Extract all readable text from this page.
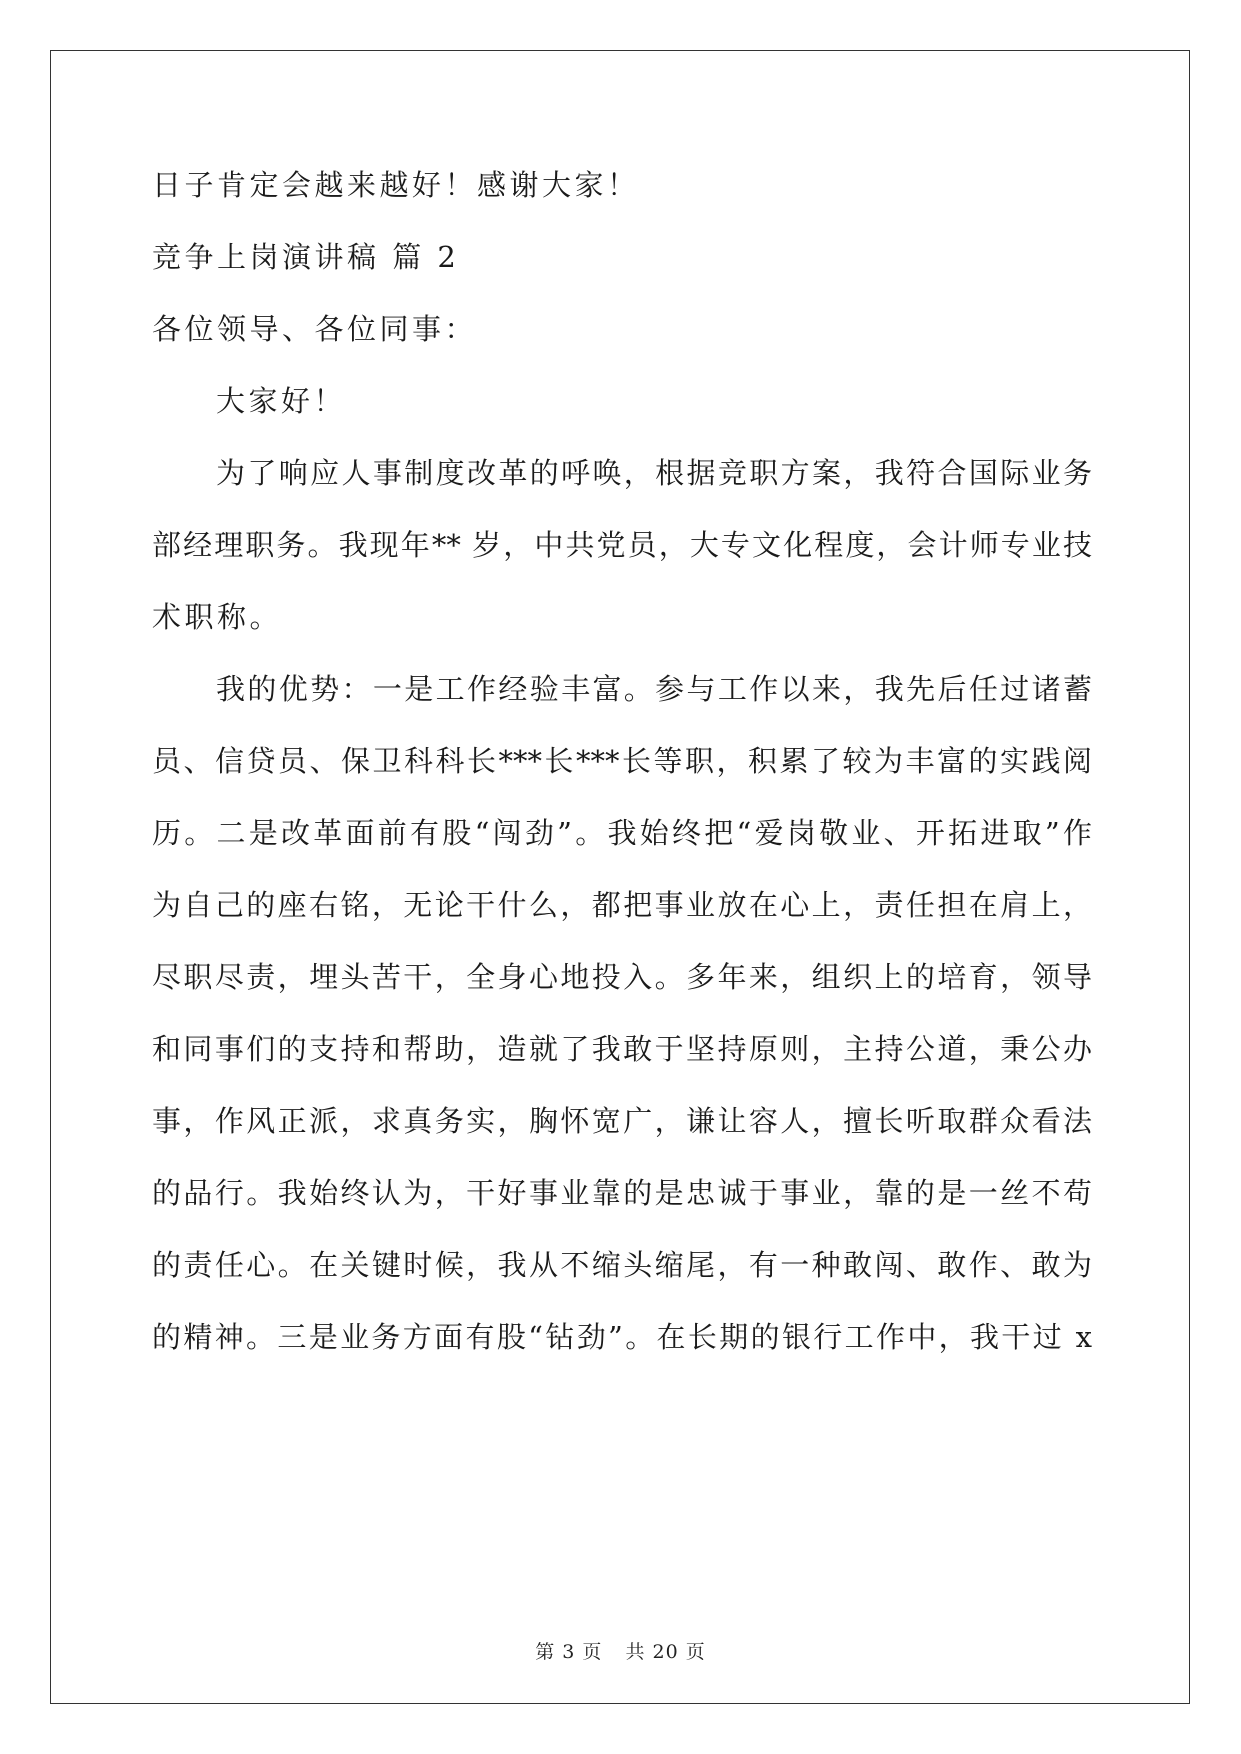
日子肯定会越来越好！感谢大家！
竞争上岗演讲稿 篇 2
各位领导、各位同事：
大家好！
为了响应人事制度改革的呼唤，根据竞职方案，我符合国际业务
部经理职务。我现年** 岁，中共党员，大专文化程度，会计师专业技
术职称。
我的优势：一是工作经验丰富。参与工作以来，我先后任过诸蓄
员、信贷员、保卫科科长***长***长等职，积累了较为丰富的实践阅
历。二是改革面前有股“闯劲”。我始终把“爱岗敬业、开拓进取”作
为自己的座右铭，无论干什么，都把事业放在心上，责任担在肩上，
尽职尽责，埋头苦干，全身心地投入。多年来，组织上的培育，领导
和同事们的支持和帮助，造就了我敢于坚持原则，主持公道，秉公办
事，作风正派，求真务实，胸怀宽广，谦让容人，擅长听取群众看法
的品行。我始终认为，干好事业靠的是忠诚于事业，靠的是一丝不苟
的责任心。在关键时候，我从不缩头缩尾，有一种敢闯、敢作、敢为
的精神。三是业务方面有股“钻劲”。在长期的银行工作中，我干过 x
第 3 页 共 20 页
